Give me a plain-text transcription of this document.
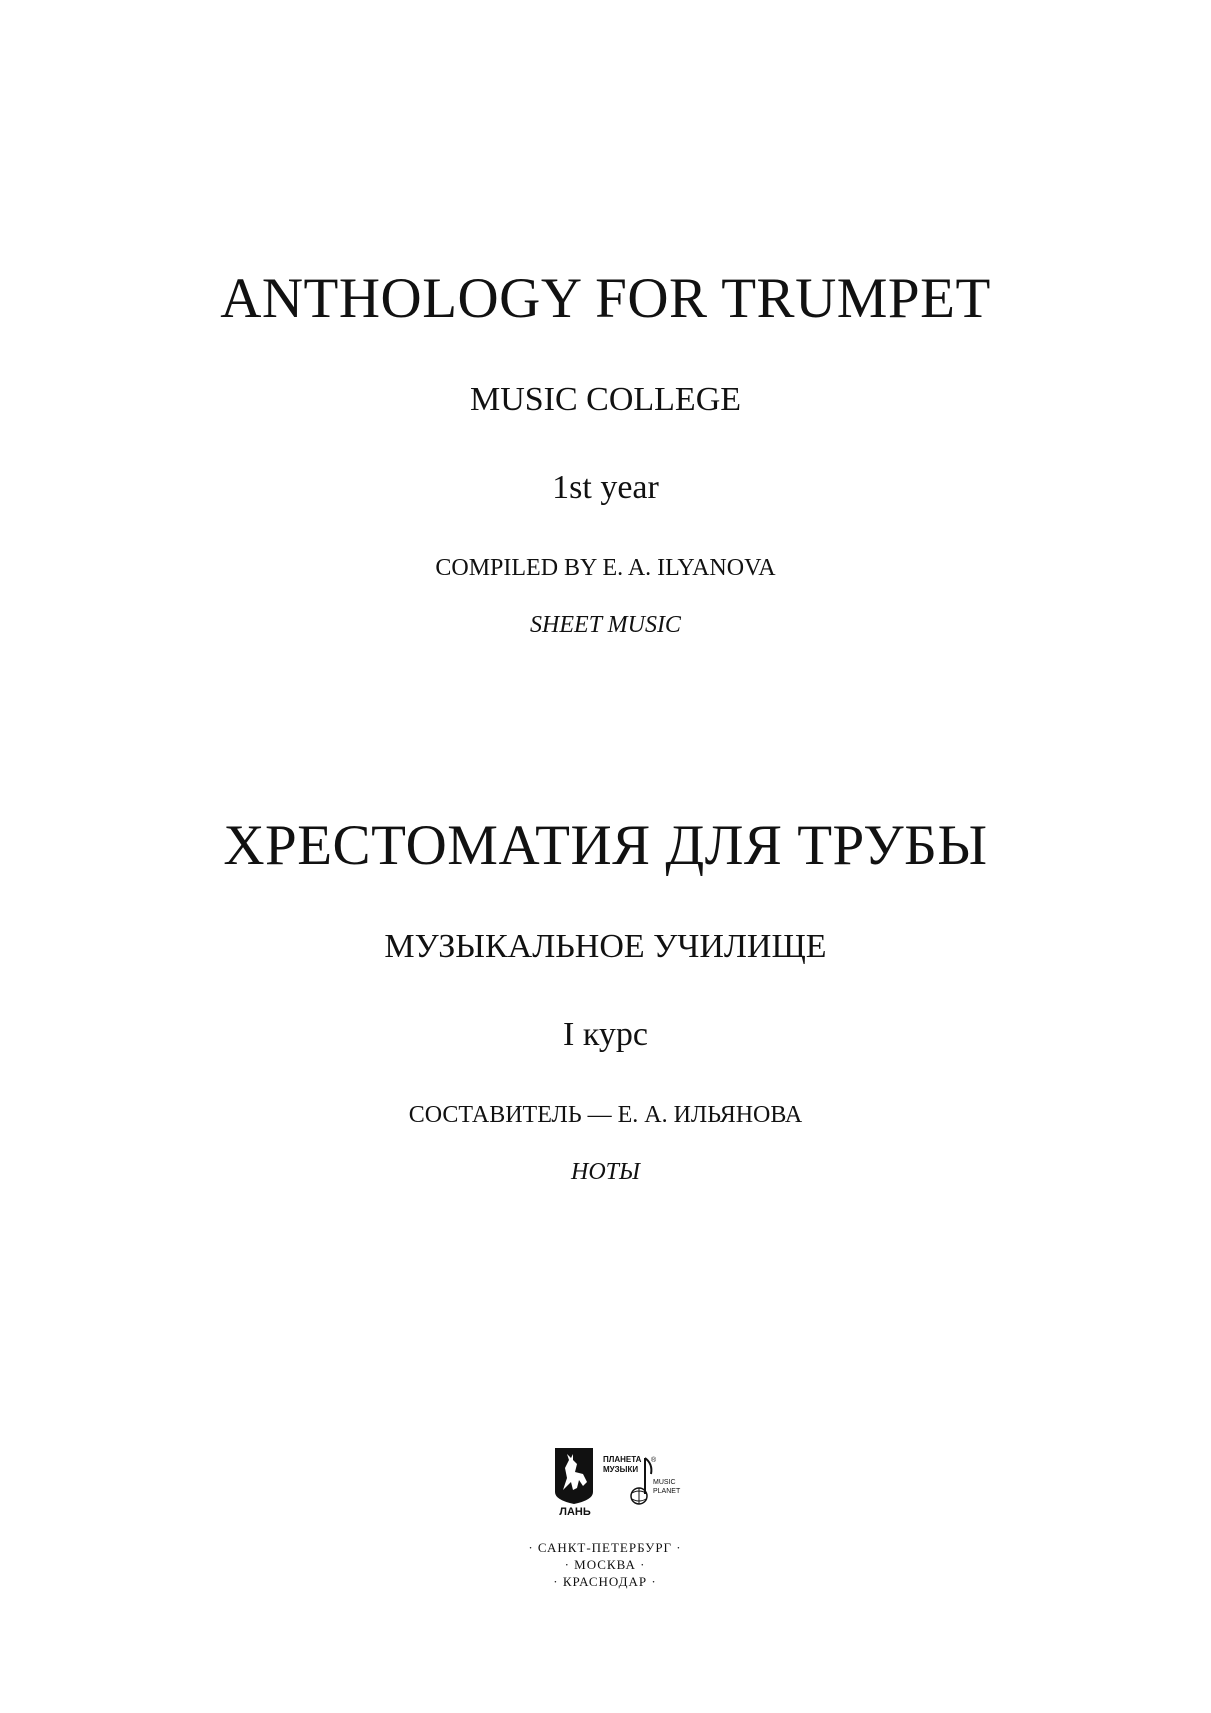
ANTHOLOGY FOR TRUMPET
MUSIC COLLEGE
1st year
COMPILED BY E. A. ILYANOVA
SHEET MUSIC
ХРЕСТОМАТИЯ ДЛЯ ТРУБЫ
МУЗЫКАЛЬНОЕ УЧИЛИЩЕ
I курс
СОСТАВИТЕЛЬ — Е. А. ИЛЬЯНОВА
НОТЫ
ЛАНЬ
ПЛАНЕТА
МУЗЫКИ
®
MUSIC
PLANET
· САНКТ-ПЕТЕРБУРГ ·
· МОСКВА ·
· КРАСНОДАР ·
